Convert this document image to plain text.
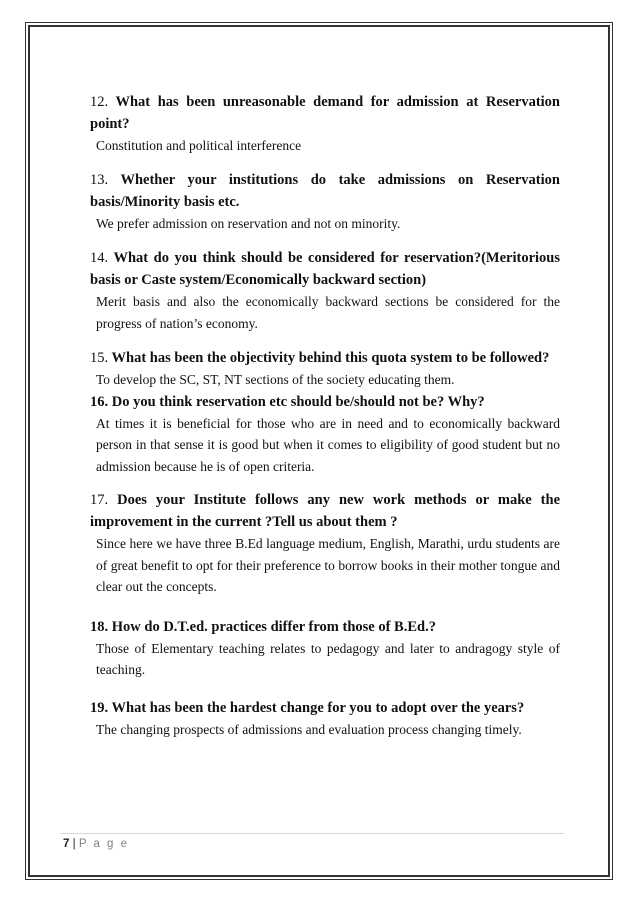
12. What has been unreasonable demand for admission at Reservation point?
Constitution and political interference
13. Whether your institutions do take admissions on Reservation basis/Minority basis etc.
We prefer admission on reservation and not on minority.
14. What do you think should be considered for reservation?(Meritorious basis or Caste system/Economically backward section)
Merit basis and also the economically backward sections be considered for the progress of nation’s economy.
15. What has been the objectivity behind this quota system to be followed?
To develop the SC, ST, NT sections of the society educating them.
16. Do you think reservation etc should be/should not be? Why?
At times it is beneficial for those who are in need and to economically backward person in that sense it is good but when it comes to eligibility of good student but no admission because he is of open criteria.
17. Does your Institute follows any new work methods or make the improvement in the current ?Tell us about them ?
Since here we have three B.Ed language medium, English, Marathi, urdu students are of great benefit to opt for their preference to borrow books in their mother tongue and clear out the concepts.
18. How do D.T.ed. practices differ from those of B.Ed.?
Those of Elementary teaching relates to pedagogy and later to andragogy style of teaching.
19. What has been the hardest change for you to adopt over the years?
The changing prospects of admissions and evaluation process changing timely.
7 | P a g e
